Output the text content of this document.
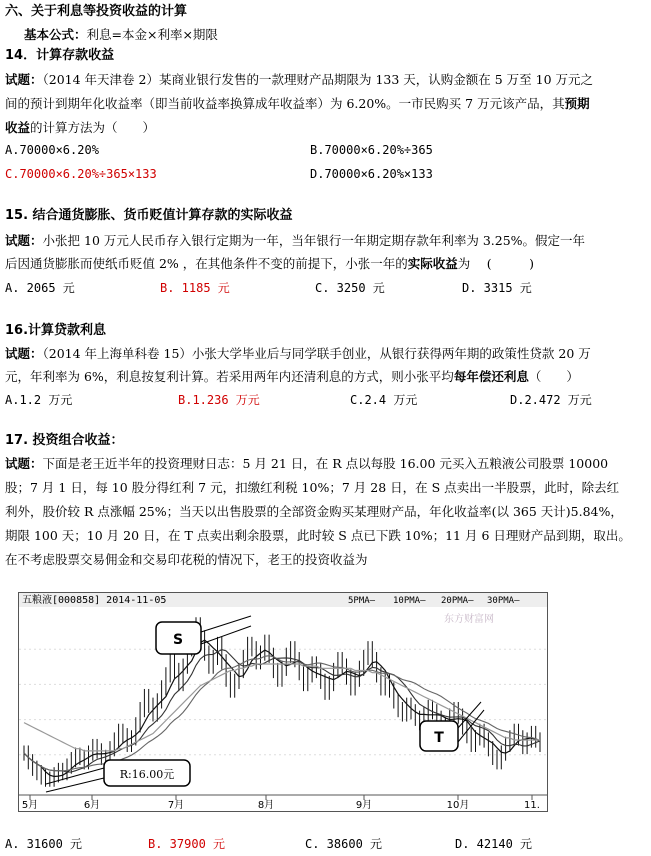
六、关于利息等投资收益的计算
基本公式：利息=本金×利率×期限
14．计算存款收益
试题：（2014 年天津卷 2）某商业银行发售的一款理财产品期限为 133 天，认购金额在 5 万至 10 万元之
间的预计到期年化收益率（即当前收益率换算成年收益率）为 6.20%。一市民购买 7 万元该产品，其预期
收益的计算方法为（　　）
A.70000×6.20%	B.70000×6.20%÷365
C.70000×6.20%÷365×133	D.70000×6.20%×133
15. 结合通货膨胀、货币贬值计算存款的实际收益
试题：小张把 10 万元人民币存入银行定期为一年，当年银行一年期定期存款年利率为 3.25%。假定一年
后因通货膨胀而使纸币贬值 2% ，在其他条件不变的前提下，小张一年的实际收益为 　(　　　)
A. 2065 元	B. 1185 元	C. 3250 元	D. 3315 元
16.计算贷款利息
试题：（2014 年上海单科卷 15）小张大学毕业后与同学联手创业，从银行获得两年期的政策性贷款 20 万
元，年利率为 6%，利息按复利计算。若采用两年内还清利息的方式，则小张平均每年偿还利息（　　）
A.1.2 万元	B.1.236 万元	C.2.4 万元	D.2.472 万元
17. 投资组合收益：
试题：下面是老王近半年的投资理财日志：5 月 21 日，在 R 点以每股 16.00 元买入五粮液公司股票 10000
股；7 月 1 日，每 10 股分得红利 7 元，扣缴红利税 10%；7 月 28 日，在 S 点卖出一半股票，此时，除去红
利外，股价较 R 点涨幅 25%；当天以出售股票的全部资金购买某理财产品，年化收益率(以 365 天计)5.84%，
期限 100 天；10 月 20 日，在 T 点卖出剩余股票，此时较 S 点已下跌 10%；11 月 6 日理财产品到期，取出。
在不考虑股票交易佣金和交易印花税的情况下，老王的投资收益为
五粮液[000858] 2014-11-05	5PMA— 10PMA— 20PMA— 30PMA—
东方财富网
5月	6月	7月	8月	9月	10月	11.
S
T
R:16.00元
A. 31600 元	B. 37900 元	C. 38600 元	D. 42140 元
